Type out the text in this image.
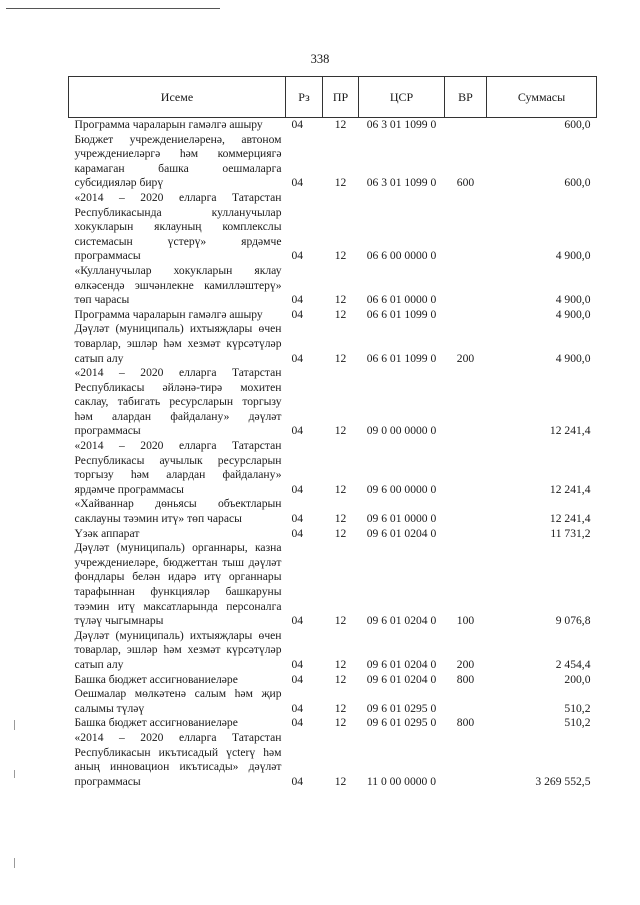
338
Исеме	Рз	ПР	ЦСР	ВР	Суммасы
Программа чараларын гамәлгә ашыру	04	12	06 3 01 1099 0		600,0
Бюджет учреждениеләренә, автоном учреждениеләргә һәм коммерциягә карамаган башка оешмаларга субсидияләр бирү	04	12	06 3 01 1099 0	600	600,0
«2014 – 2020 елларга Татарстан Республикасында кулланучылар хокукларын яклауның комплекслы системасын үстерү» ярдәмче программасы	04	12	06 6 00 0000 0		4 900,0
«Кулланучылар хокукларын яклау өлкәсендә эшчәнлекне камилләштерү» төп чарасы	04	12	06 6 01 0000 0		4 900,0
Программа чараларын гамәлгә ашыру	04	12	06 6 01 1099 0		4 900,0
Дәүләт (муниципаль) ихтыяҗлары өчен товарлар, эшләр һәм хезмәт күрсәтүләр сатып алу	04	12	06 6 01 1099 0	200	4 900,0
«2014 – 2020 елларга Татарстан Республикасы әйләнә-тирә мохитен саклау, табигать ресурсларын торгызу һәм алардан файдалану» дәүләт программасы	04	12	09 0 00 0000 0		12 241,4
«2014 – 2020 елларга Татарстан Республикасы аучылык ресурсларын торгызу һәм алардан файдалану» ярдәмче программасы	04	12	09 6 00 0000 0		12 241,4
«Хайваннар дөньясы объектларын саклауны тәэмин итү» төп чарасы	04	12	09 6 01 0000 0		12 241,4
Үзәк аппарат	04	12	09 6 01 0204 0		11 731,2
Дәүләт (муниципаль) органнары, казна учреждениеләре, бюджеттан тыш дәүләт фондлары белән идарә итү органнары тарафыннан функцияләр башкаруны тәэмин итү максатларында персоналга түләү чыгымнары	04	12	09 6 01 0204 0	100	9 076,8
Дәүләт (муниципаль) ихтыяҗлары өчен товарлар, эшләр һәм хезмәт күрсәтүләр сатып алу	04	12	09 6 01 0204 0	200	2 454,4
Башка бюджет ассигнованиеләре	04	12	09 6 01 0204 0	800	200,0
Оешмалар мөлкәтенә салым һәм җир салымы түләү	04	12	09 6 01 0295 0		510,2
Башка бюджет ассигнованиеләре	04	12	09 6 01 0295 0	800	510,2
«2014 – 2020 елларга Татарстан Республикасын икътисадый үсterү һәм аның инновацион икътисады» дәүләт программасы	04	12	11 0 00 0000 0		3 269 552,5
